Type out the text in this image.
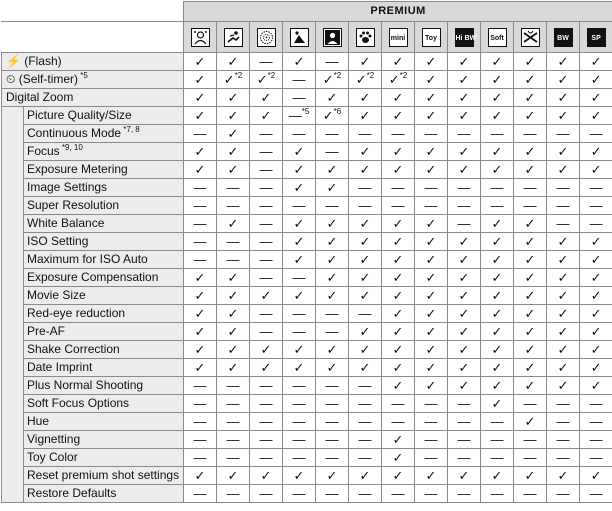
		PREMIUM												

	mini	Toy	Hi BW	Soft		BW	SP
⚡ (Flash)		✓	✓	—	✓	—	✓	✓	✓	✓	✓	✓	✓	✓
⏲ (Self-timer) $^{*5}$		✓	✓$^{*2}$	✓$^{*2}$	—	✓$^{*2}$	✓$^{*2}$	✓$^{*2}$	✓	✓	✓	✓	✓	✓
Digital Zoom		✓	✓	✓	—	✓	✓	✓	✓	✓	✓	✓	✓	✓
	Picture Quality/Size	✓	✓	✓	—$^{*5}$	✓$^{*6}$	✓	✓	✓	✓	✓	✓	✓	✓
	Continuous Mode $^{*7, 8}$	—	✓	—	—	—	—	—	—	—	—	—	—	—
	Focus $^{*9, 10}$	✓	✓	—	✓	—	✓	✓	✓	✓	✓	✓	✓	✓
	Exposure Metering	✓	✓	—	✓	✓	✓	✓	✓	✓	✓	✓	✓	✓
	Image Settings	—	—	—	✓	✓	—	—	—	—	—	—	—	—
	Super Resolution	—	—	—	—	—	—	—	—	—	—	—	—	—
	White Balance	—	✓	—	✓	✓	✓	✓	✓	—	✓	✓	—	—
	ISO Setting	—	—	—	✓	✓	✓	✓	✓	✓	✓	✓	✓	✓
	Maximum for ISO Auto	—	—	—	✓	✓	✓	✓	✓	✓	✓	✓	✓	✓
	Exposure Compensation	✓	✓	—	—	✓	✓	✓	✓	✓	✓	✓	✓	✓
	Movie Size	✓	✓	✓	✓	✓	✓	✓	✓	✓	✓	✓	✓	✓
	Red-eye reduction	✓	✓	—	—	—	—	✓	✓	✓	✓	✓	✓	✓
	Pre-AF	✓	✓	—	—	—	✓	✓	✓	✓	✓	✓	✓	✓
	Shake Correction	✓	✓	✓	✓	✓	✓	✓	✓	✓	✓	✓	✓	✓
	Date Imprint	✓	✓	✓	✓	✓	✓	✓	✓	✓	✓	✓	✓	✓
	Plus Normal Shooting	—	—	—	—	—	—	✓	✓	✓	✓	✓	✓	✓
	Soft Focus Options	—	—	—	—	—	—	—	—	—	✓	—	—	—
	Hue	—	—	—	—	—	—	—	—	—	—	✓	—	—
	Vignetting	—	—	—	—	—	—	✓	—	—	—	—	—	—
	Toy Color	—	—	—	—	—	—	✓	—	—	—	—	—	—
	Reset premium shot settings	✓	✓	✓	✓	✓	✓	✓	✓	✓	✓	✓	✓	✓
	Restore Defaults	—	—	—	—	—	—	—	—	—	—	—	—	—
